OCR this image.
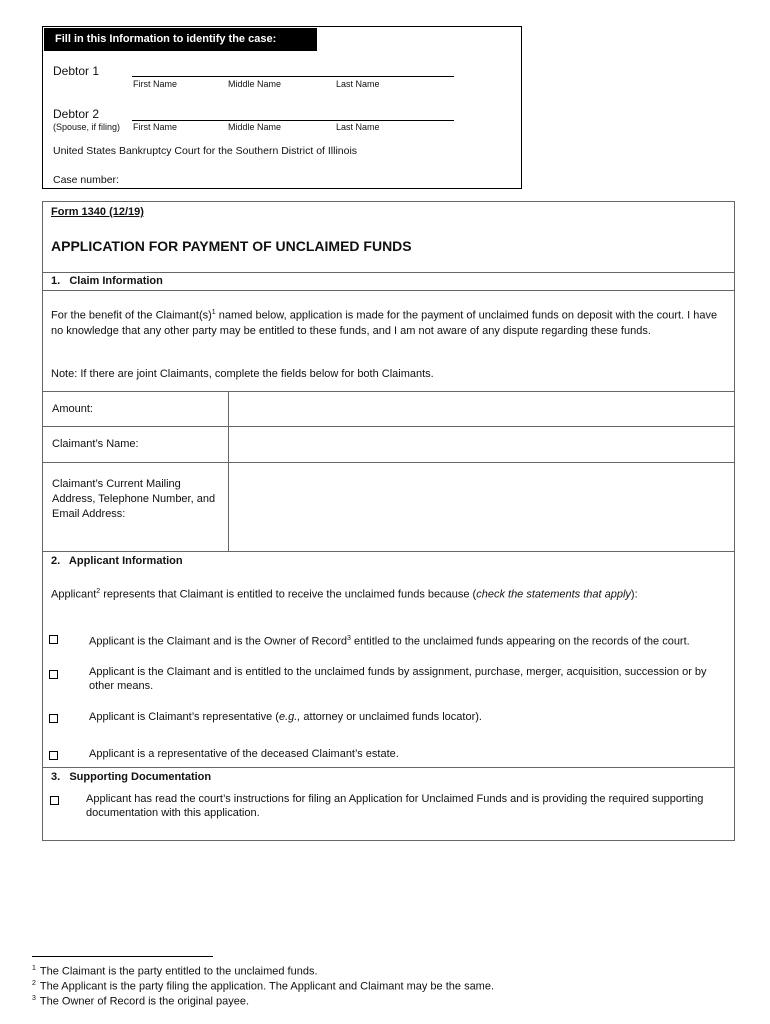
Fill in this Information to identify the case:
Debtor 1
First Name	Middle Name	Last Name
Debtor 2
(Spouse, if filing) First Name	Middle Name	Last Name
United States Bankruptcy Court for the Southern District of Illinois
Case number:
Form 1340 (12/19)
APPLICATION FOR PAYMENT OF UNCLAIMED FUNDS
1.   Claim Information
For the benefit of the $Claimant(s)^1$ named below, application is made for the payment of unclaimed funds on deposit with the court. I have no knowledge that any other party may be entitled to these funds, and I am not aware of any dispute regarding these funds.
Note: If there are joint Claimants, complete the fields below for both Claimants.
Amount:
Claimant’s Name:
Claimant’s Current Mailing Address, Telephone Number, and Email Address:
2.   Applicant Information
Applicant$^2$ represents that Claimant is entitled to receive the unclaimed funds because (check the statements that apply):
Applicant is the Claimant and is the Owner of Record$^3$ entitled to the unclaimed funds appearing on the records of the court.
Applicant is the Claimant and is entitled to the unclaimed funds by assignment, purchase, merger, acquisition, succession or by other means.
Applicant is Claimant’s representative (e.g., attorney or unclaimed funds locator).
Applicant is a representative of the deceased Claimant’s estate.
3.   Supporting Documentation
Applicant has read the court’s instructions for filing an Application for Unclaimed Funds and is providing the required supporting documentation with this application.
$^1$ The Claimant is the party entitled to the unclaimed funds.
$^2$ The Applicant is the party filing the application. The Applicant and Claimant may be the same.
$^3$ The Owner of Record is the original payee.
